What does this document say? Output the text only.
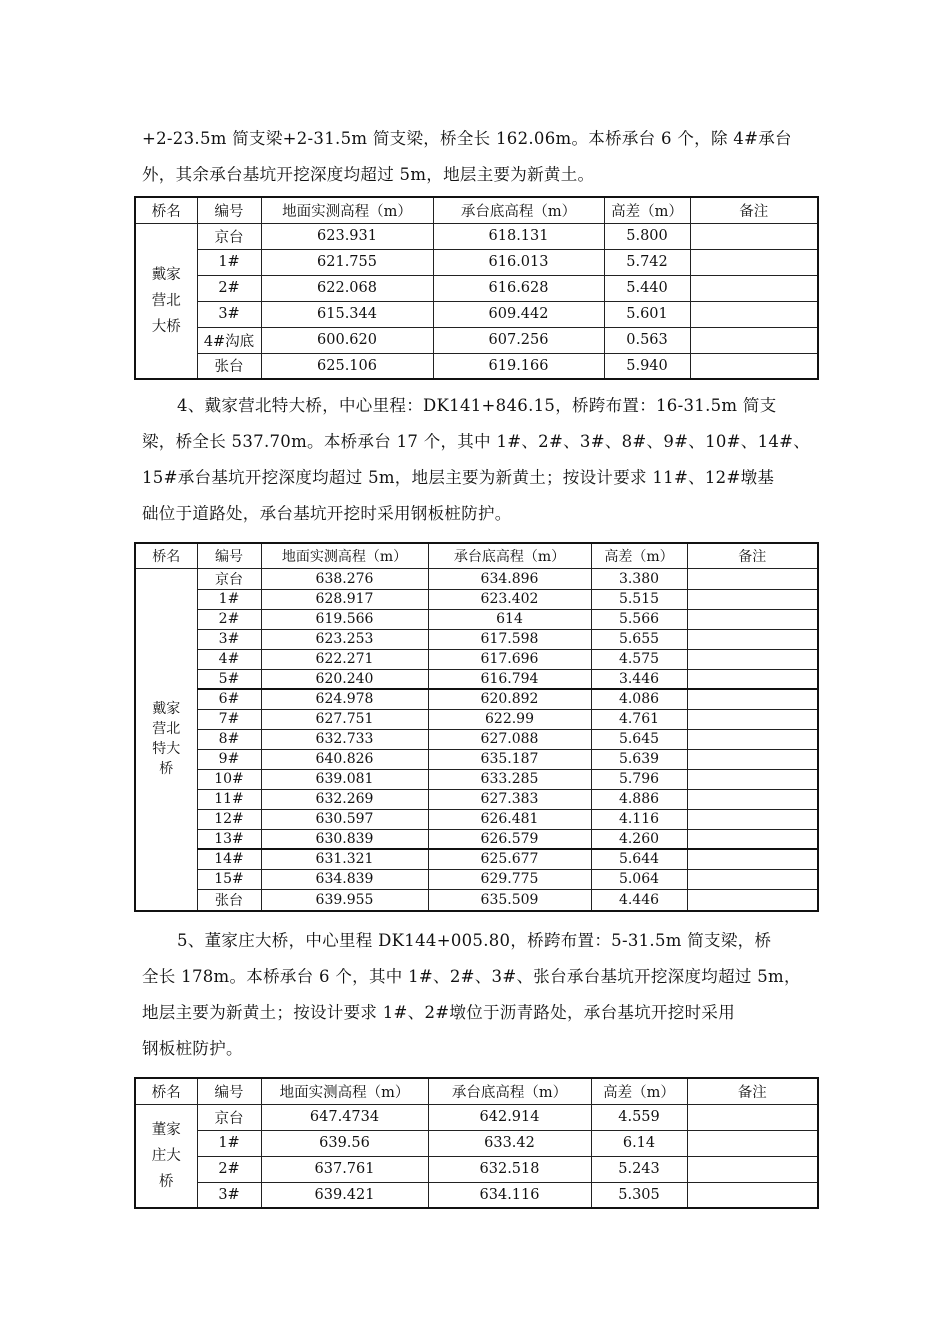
+2-23.5m 简支梁+2-31.5m 简支梁，桥全长 162.06m。本桥承台 6 个，除 4#承台

外，其余承台基坑开挖深度均超过 5m，地层主要为新黄土。

桥名	编号	地面实测高程（m）	承台底高程（m）	高差（m）	备注
戴家营北大桥	京台	623.931	618.131	5.800	
	1#	621.755	616.013	5.742	
	2#	622.068	616.628	5.440	
	3#	615.344	609.442	5.601	
	4#沟底	600.620	607.256	0.563	
	张台	625.106	619.166	5.940	

4、戴家营北特大桥，中心里程：DK141+846.15，桥跨布置：16-31.5m 简支

梁，桥全长 537.70m。本桥承台 17 个，其中 1#、2#、3#、8#、9#、10#、14#、

15#承台基坑开挖深度均超过 5m，地层主要为新黄土；按设计要求 11#、12#墩基

础位于道路处，承台基坑开挖时采用钢板桩防护。

桥名	编号	地面实测高程（m）	承台底高程（m）	高差（m）	备注
戴家营北特大桥	京台	638.276	634.896	3.380	
	1#	628.917	623.402	5.515	
	2#	619.566	614	5.566	
	3#	623.253	617.598	5.655	
	4#	622.271	617.696	4.575	
	5#	620.240	616.794	3.446	
	6#	624.978	620.892	4.086	
	7#	627.751	622.99	4.761	
	8#	632.733	627.088	5.645	
	9#	640.826	635.187	5.639	
	10#	639.081	633.285	5.796	
	11#	632.269	627.383	4.886	
	12#	630.597	626.481	4.116	
	13#	630.839	626.579	4.260	
	14#	631.321	625.677	5.644	
	15#	634.839	629.775	5.064	
	张台	639.955	635.509	4.446	

5、董家庄大桥，中心里程 DK144+005.80，桥跨布置：5-31.5m 简支梁，桥

全长 178m。本桥承台 6 个，其中 1#、2#、3#、张台承台基坑开挖深度均超过 5m，

地层主要为新黄土；按设计要求 1#、2#墩位于沥青路处，承台基坑开挖时采用

钢板桩防护。

桥名	编号	地面实测高程（m）	承台底高程（m）	高差（m）	备注
董家庄大桥	京台	647.4734	642.914	4.559	
	1#	639.56	633.42	6.14	
	2#	637.761	632.518	5.243	
	3#	639.421	634.116	5.305	
